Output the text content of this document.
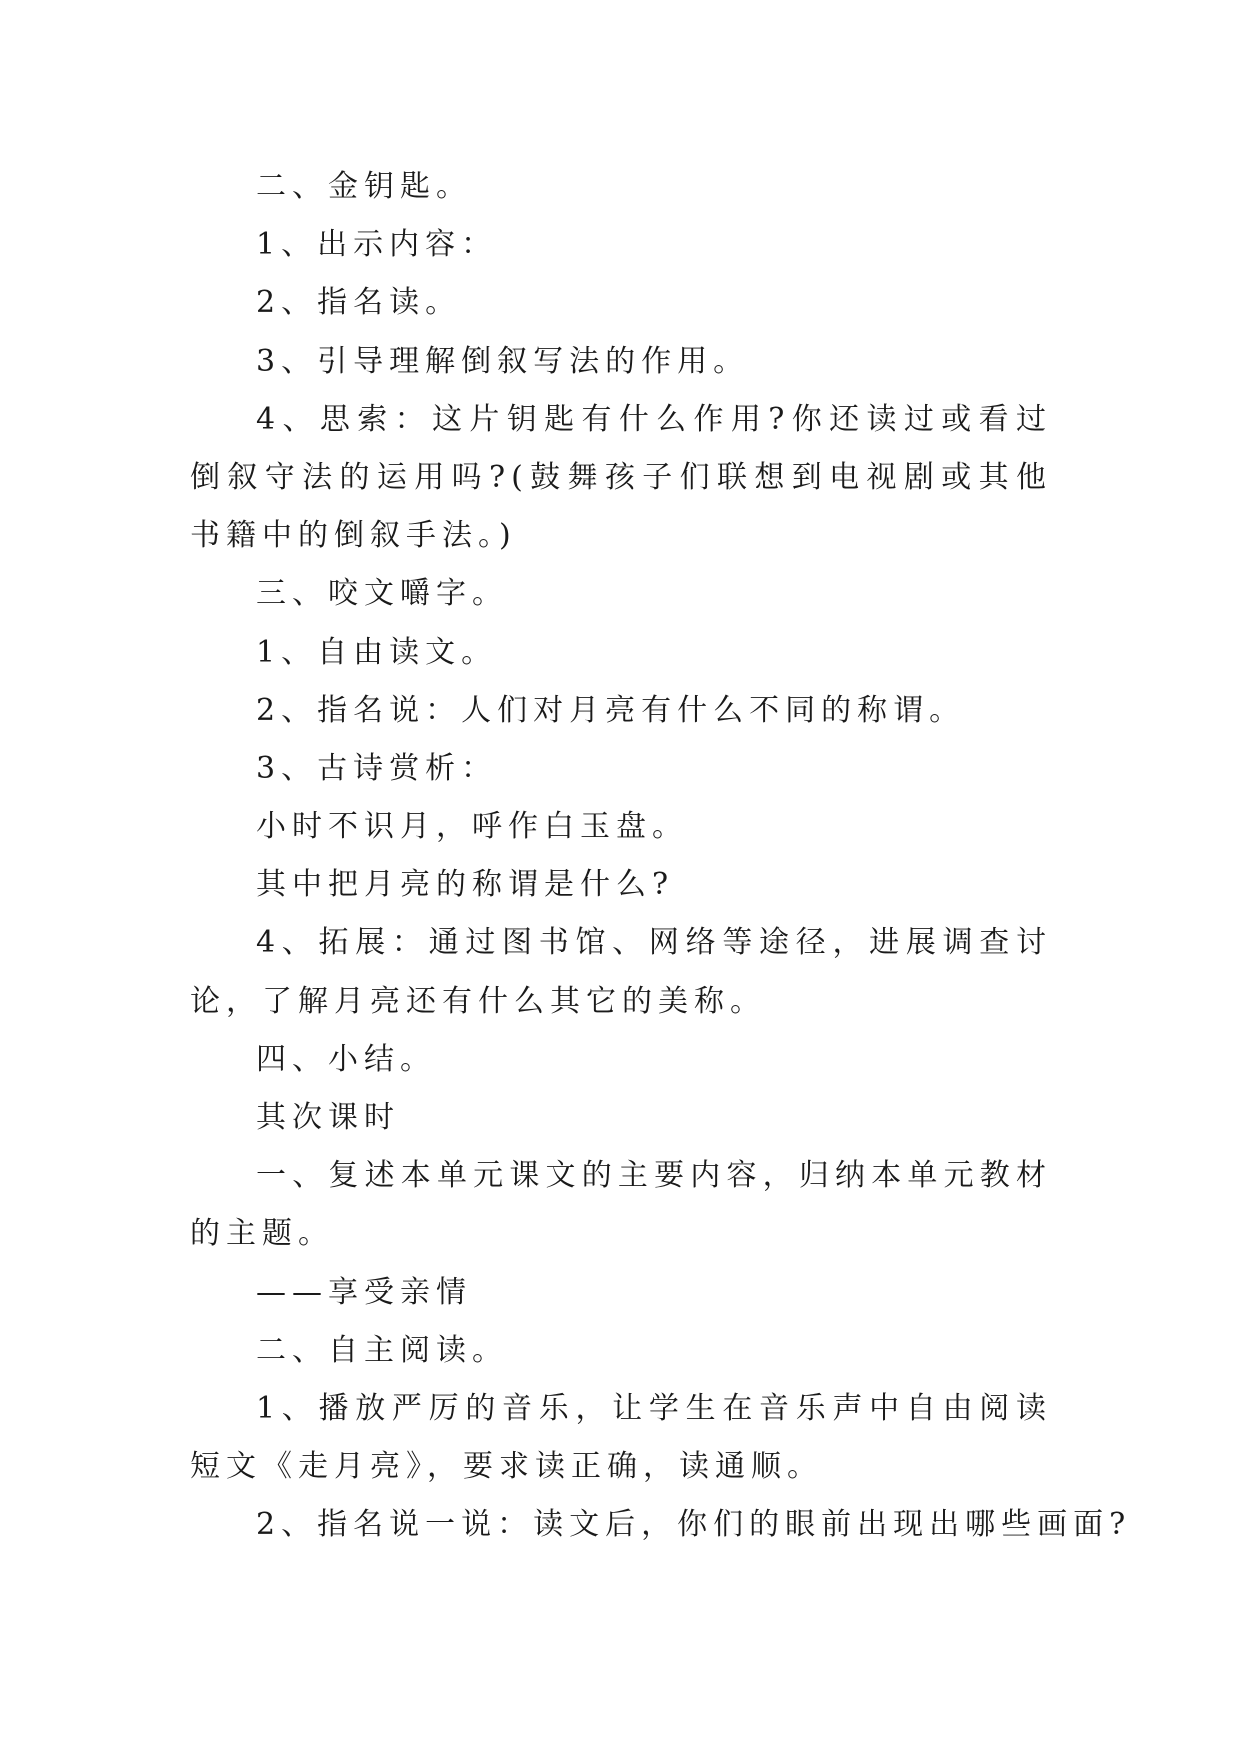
二、金钥匙。
1、出示内容：
2、指名读。
3、引导理解倒叙写法的作用。
4、思索：这片钥匙有什么作用?你还读过或看过倒叙守法的运用吗?(鼓舞孩子们联想到电视剧或其他书籍中的倒叙手法。)
三、咬文嚼字。
1、自由读文。
2、指名说：人们对月亮有什么不同的称谓。
3、古诗赏析：
小时不识月，呼作白玉盘。
其中把月亮的称谓是什么?
4、拓展：通过图书馆、网络等途径，进展调查讨论，了解月亮还有什么其它的美称。
四、小结。
其次课时
一、复述本单元课文的主要内容，归纳本单元教材的主题。
——享受亲情
二、自主阅读。
1、播放严厉的音乐，让学生在音乐声中自由阅读短文《走月亮》，要求读正确，读通顺。
2、指名说一说：读文后，你们的眼前出现出哪些画面?
